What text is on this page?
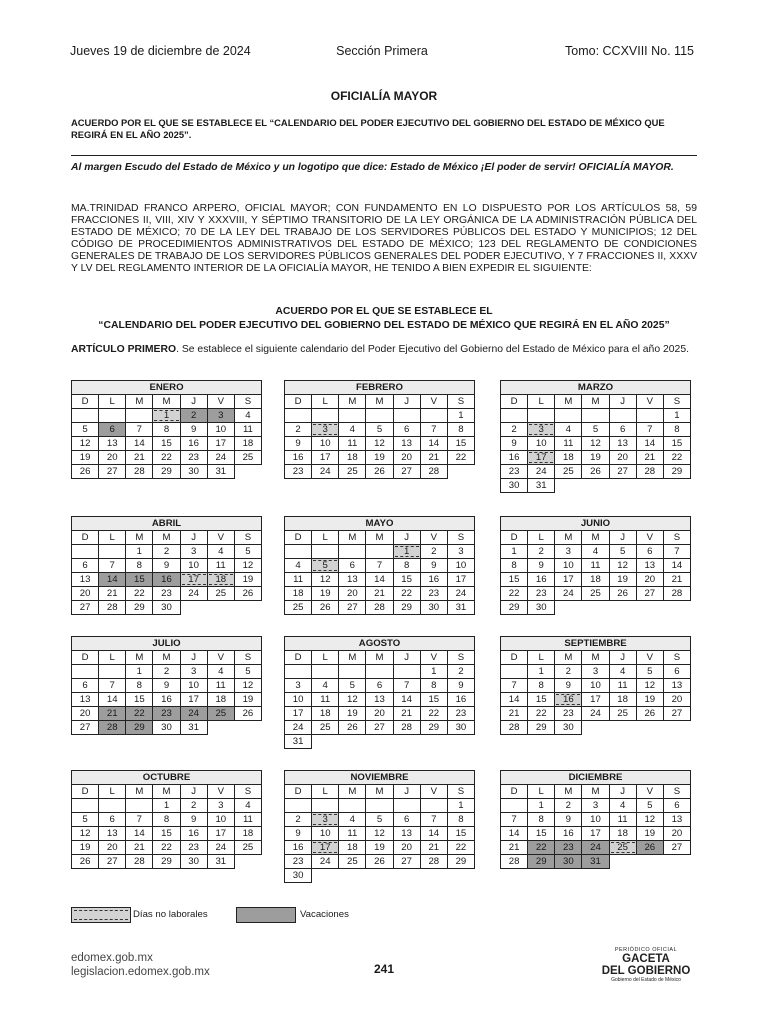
Jueves 19 de diciembre de 2024	Sección Primera	Tomo: CCXVIII No. 115
OFICIALÍA MAYOR
ACUERDO POR EL QUE SE ESTABLECE EL “CALENDARIO DEL PODER EJECUTIVO DEL GOBIERNO DEL ESTADO DE MÉXICO QUE REGIRÁ EN EL AÑO 2025”.
Al margen Escudo del Estado de México y un logotipo que dice: Estado de México ¡El poder de servir! OFICIALÍA MAYOR.
MA.TRINIDAD FRANCO ARPERO, OFICIAL MAYOR; CON FUNDAMENTO EN LO DISPUESTO POR LOS ARTÍCULOS 58, 59 FRACCIONES II, VIII, XIV Y XXXVIII, Y SÉPTIMO TRANSITORIO DE LA LEY ORGÁNICA DE LA ADMINISTRACIÓN PÚBLICA DEL ESTADO DE MÉXICO; 70 DE LA LEY DEL TRABAJO DE LOS SERVIDORES PÚBLICOS DEL ESTADO Y MUNICIPIOS; 12 DEL CÓDIGO DE PROCEDIMIENTOS ADMINISTRATIVOS DEL ESTADO DE MÉXICO; 123 DEL REGLAMENTO DE CONDICIONES GENERALES DE TRABAJO DE LOS SERVIDORES PÚBLICOS GENERALES DEL PODER EJECUTIVO, Y 7 FRACCIONES II, XXXV Y LV DEL REGLAMENTO INTERIOR DE LA OFICIALÍA MAYOR, HE TENIDO A BIEN EXPEDIR EL SIGUIENTE:
ACUERDO POR EL QUE SE ESTABLECE EL
“CALENDARIO DEL PODER EJECUTIVO DEL GOBIERNO DEL ESTADO DE MÉXICO QUE REGIRÁ EN EL AÑO 2025”
ARTÍCULO PRIMERO. Se establece el siguiente calendario del Poder Ejecutivo del Gobierno del Estado de México para el año 2025.
ENERO						
D	L	M	M	J	V	S

			1	2	3	4
5	6	7	8	9	10	11
12	13	14	15	16	17	18
19	20	21	22	23	24	25
26	27	28	29	30	31	
FEBRERO						
D	L	M	M	J	V	S
						1
2	3	4	5	6	7	8
9	10	11	12	13	14	15
16	17	18	19	20	21	22
23	24	25	26	27	28	
MARZO						
D	L	M	M	J	V	S
						1
2	3	4	5	6	7	8
9	10	11	12	13	14	15
16	17	18	19	20	21	22
23	24	25	26	27	28	29
30	31					
ABRIL						
D	L	M	M	J	V	S
		1	2	3	4	5
6	7	8	9	10	11	12
13	14	15	16	17	18	19
20	21	22	23	24	25	26
27	28	29	30			
MAYO						
D	L	M	M	J	V	S

				1	2	3
4	5	6	7	8	9	10
11	12	13	14	15	16	17
18	19	20	21	22	23	24
25	26	27	28	29	30	31
JUNIO						
D	L	M	M	J	V	S
1	2	3	4	5	6	7
8	9	10	11	12	13	14
15	16	17	18	19	20	21
22	23	24	25	26	27	28
29	30					
JULIO						
D	L	M	M	J	V	S
		1	2	3	4	5
6	7	8	9	10	11	12
13	14	15	16	17	18	19
20	21	22	23	24	25	26
27	28	29	30	31		
AGOSTO						
D	L	M	M	J	V	S
					1	2
3	4	5	6	7	8	9
10	11	12	13	14	15	16
17	18	19	20	21	22	23
24	25	26	27	28	29	30
31						
SEPTIEMBRE						
D	L	M	M	J	V	S
	1	2	3	4	5	6
7	8	9	10	11	12	13
14	15	16	17	18	19	20
21	22	23	24	25	26	27
28	29	30				
OCTUBRE						
D	L	M	M	J	V	S
			1	2	3	4
5	6	7	8	9	10	11
12	13	14	15	16	17	18
19	20	21	22	23	24	25
26	27	28	29	30	31	
NOVIEMBRE						
D	L	M	M	J	V	S
						1
2	3	4	5	6	7	8
9	10	11	12	13	14	15
16	17	18	19	20	21	22
23	24	25	26	27	28	29
30						
DICIEMBRE						
D	L	M	M	J	V	S
	1	2	3	4	5	6
7	8	9	10	11	12	13
14	15	16	17	18	19	20
21	22	23	24	25	26	27
28	29	30	31			
Días no laborales	Vacaciones
edomex.gob.mx
legislacion.edomex.gob.mx	241
PERIÓDICO OFICIAL
GACETA
DEL GOBIERNO
Gobierno del Estado de México
